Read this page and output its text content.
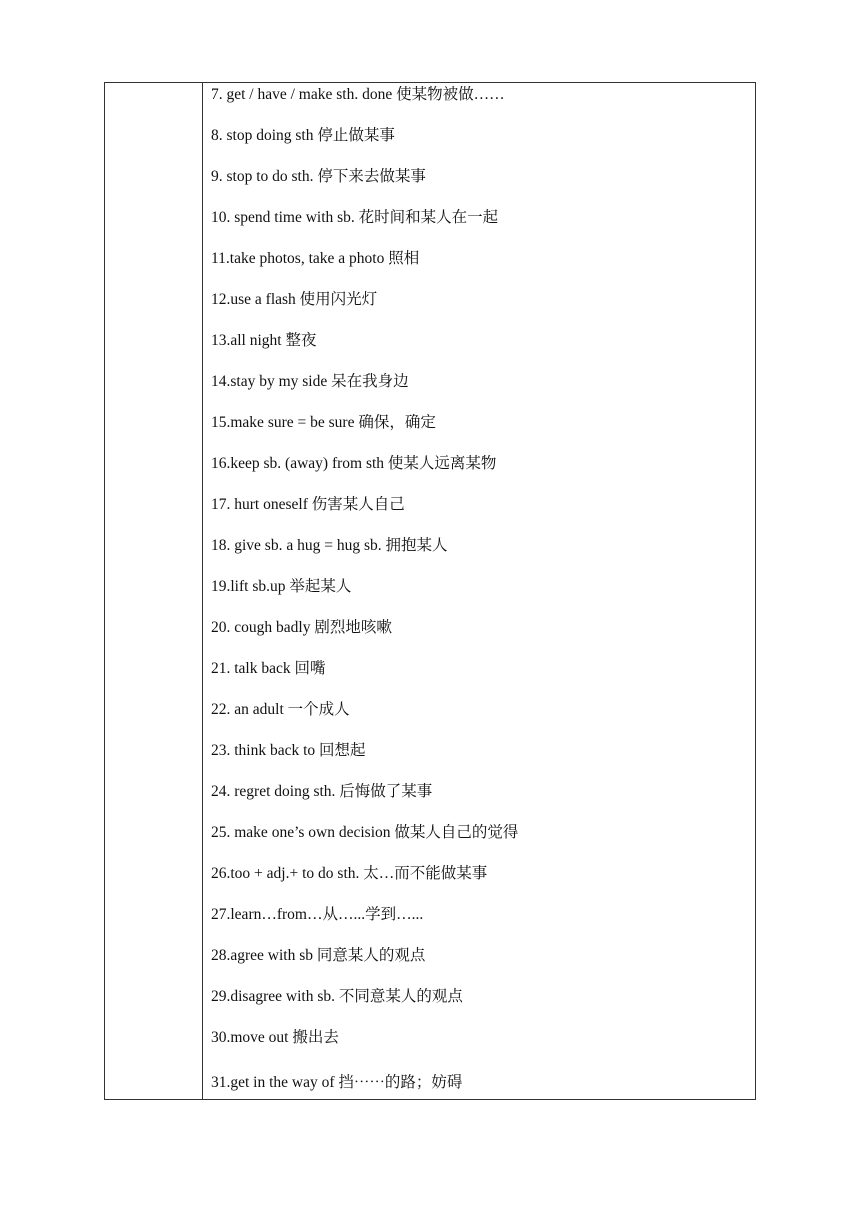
7. get / have / make sth. done 使某物被做……
8. stop doing sth 停止做某事
9. stop to do sth. 停下来去做某事
10. spend time with sb. 花时间和某人在一起
11.take photos, take a photo 照相
12.use a flash 使用闪光灯
13.all night 整夜
14.stay by my side 呆在我身边
15.make sure = be sure 确保，确定
16.keep sb. (away) from sth 使某人远离某物
17. hurt oneself 伤害某人自己
18. give sb. a hug = hug sb. 拥抱某人
19.lift sb.up 举起某人
20. cough badly 剧烈地咳嗽
21. talk back 回嘴
22. an adult 一个成人
23. think back to 回想起
24. regret doing sth. 后悔做了某事
25. make one’s own decision 做某人自己的觉得
26.too + adj.+ to do sth. 太…而不能做某事
27.learn…from…从…...学到…...
28.agree with sb 同意某人的观点
29.disagree with sb. 不同意某人的观点
30.move out 搬出去
31.get in the way of 挡⋯⋯的路；妨碍
